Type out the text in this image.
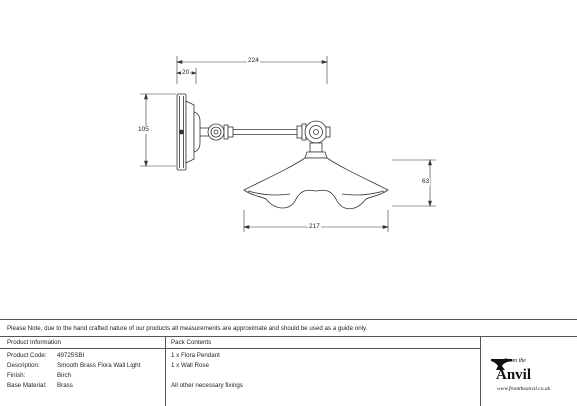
224
20
105
63
217
Please Note, due to the hand crafted nature of our products all measurements are approximate and should be used as a guide only.
Product Information	Pack Contents
Product Code: 49725SBI
Description:	Smooth Brass Flora Wall Light
Finish:	Birch
Base Material: Brass
1 x Flora Pendant
1 x Wall Rose
All other necessary fixings
From the
Anvil
www.fromtheanvil.co.uk
